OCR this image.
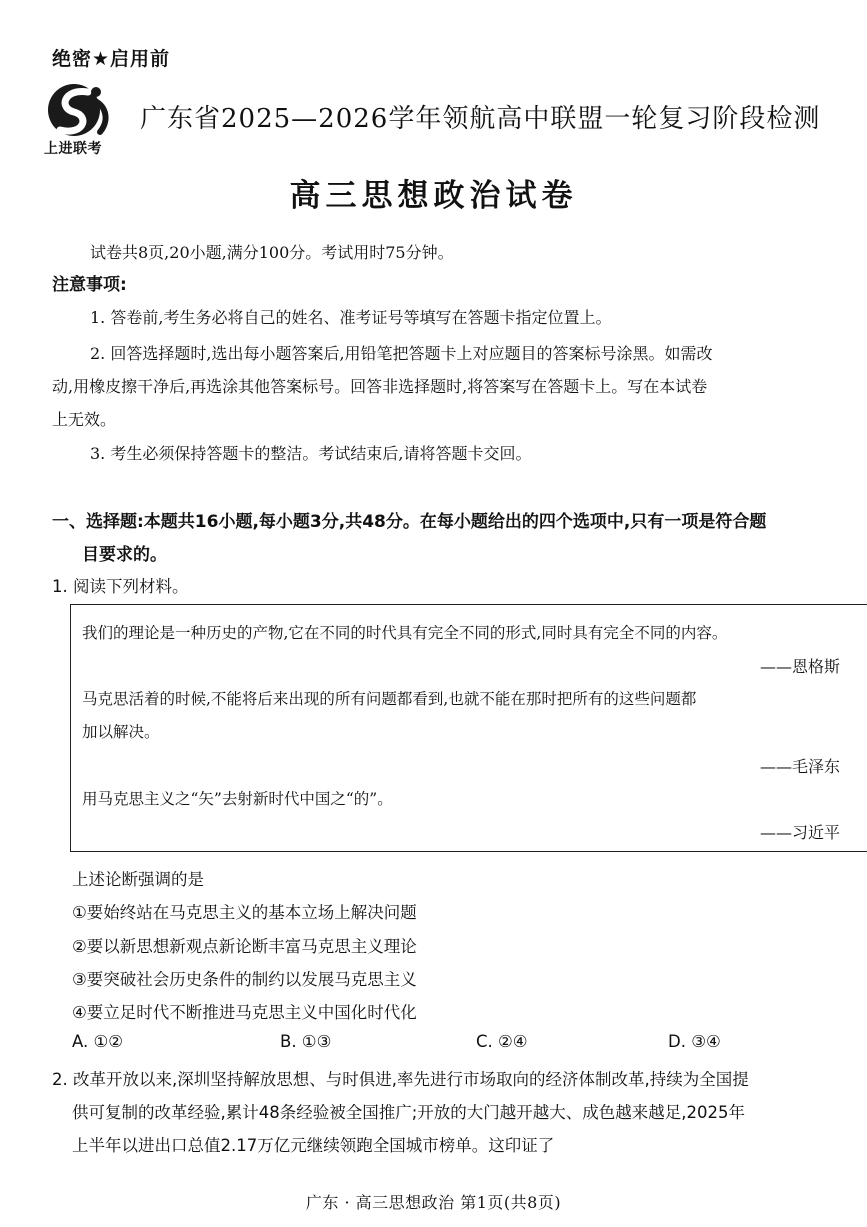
绝密★启用前
上进联考
广东省2025—2026学年领航高中联盟一轮复习阶段检测
高三思想政治试卷
试卷共8页,20小题,满分100分。考试用时75分钟。
注意事项:
1. 答卷前,考生务必将自己的姓名、准考证号等填写在答题卡指定位置上。
2. 回答选择题时,选出每小题答案后,用铅笔把答题卡上对应题目的答案标号涂黑。如需改
动,用橡皮擦干净后,再选涂其他答案标号。回答非选择题时,将答案写在答题卡上。写在本试卷
上无效。
3. 考生必须保持答题卡的整洁。考试结束后,请将答题卡交回。
一、选择题:本题共16小题,每小题3分,共48分。在每小题给出的四个选项中,只有一项是符合题
目要求的。
1. 阅读下列材料。
我们的理论是一种历史的产物,它在不同的时代具有完全不同的形式,同时具有完全不同的内容。
——恩格斯
马克思活着的时候,不能将后来出现的所有问题都看到,也就不能在那时把所有的这些问题都
加以解决。
——毛泽东
用马克思主义之“矢”去射新时代中国之“的”。
——习近平
上述论断强调的是
①要始终站在马克思主义的基本立场上解决问题
②要以新思想新观点新论断丰富马克思主义理论
③要突破社会历史条件的制约以发展马克思主义
④要立足时代不断推进马克思主义中国化时代化
A. ①②	B. ①③	C. ②④	D. ③④
2. 改革开放以来,深圳坚持解放思想、与时俱进,率先进行市场取向的经济体制改革,持续为全国提
供可复制的改革经验,累计48条经验被全国推广;开放的大门越开越大、成色越来越足,2025年
上半年以进出口总值2.17万亿元继续领跑全国城市榜单。这印证了
广东 · 高三思想政治 第1页(共8页)
